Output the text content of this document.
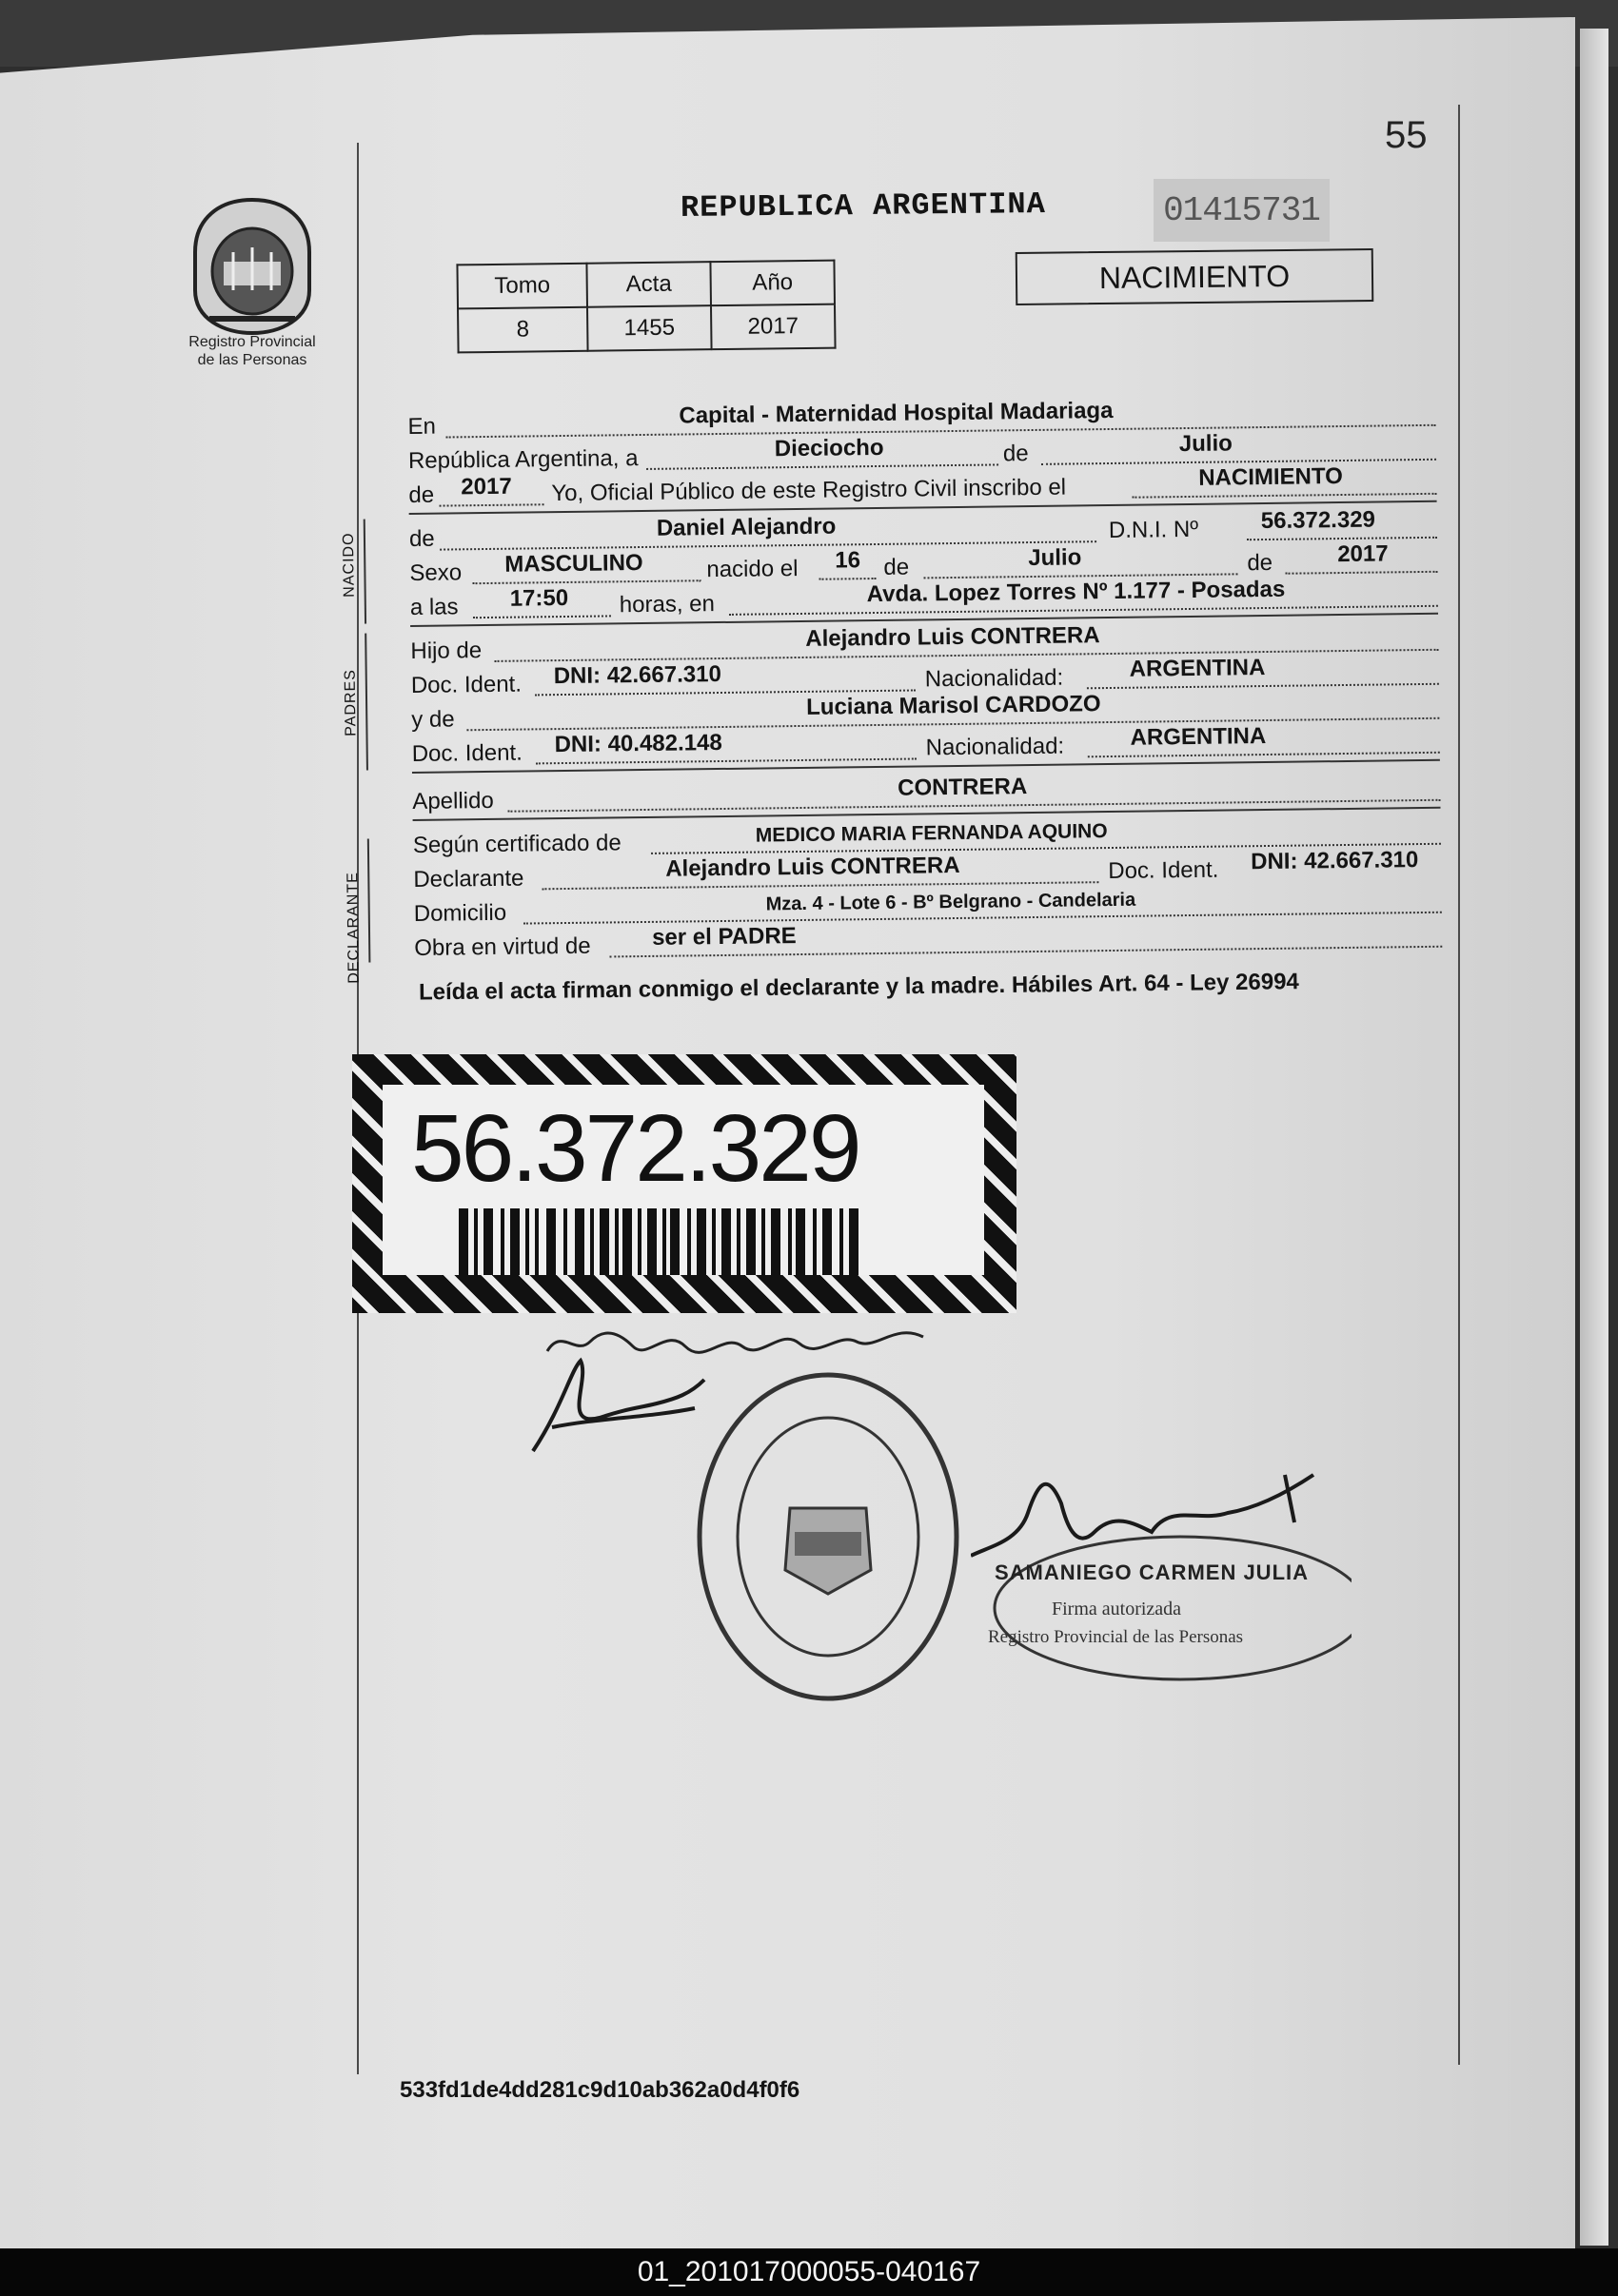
55
Registro Provincial
de las Personas
REPUBLICA ARGENTINA	01415731
Tomo	Acta	Año
8	1455	2017
NACIMIENTO
En	Capital - Maternidad Hospital Madariaga
República Argentina, a	Dieciocho	de	Julio
de 2017 Yo, Oficial Público de este Registro Civil inscribo el	NACIMIENTO
NACIDO de	Daniel Alejandro	D.N.I. Nº	56.372.329
Sexo MASCULINO	nacido el 16 de	Julio	de	2017
a las 17:50 horas, en	Avda. Lopez Torres Nº 1.177 - Posadas
PADRES
Hijo de	Alejandro Luis CONTRERA
Doc. Ident. DNI: 42.667.310	Nacionalidad:	ARGENTINA
y de	Luciana Marisol CARDOZO
Doc. Ident. DNI: 40.482.148	Nacionalidad:	ARGENTINA
Apellido
CONTRERA
DECLARANTE
Según certificado de	MEDICO MARIA FERNANDA AQUINO
Declarante	Alejandro Luis CONTRERA	Doc. Ident. DNI: 42.667.310
Domicilio	Mza. 4 - Lote 6 - Bº Belgrano - Candelaria
Obra en virtud de	ser el PADRE
Leída el acta firman conmigo el declarante y la madre. Hábiles Art. 64 - Ley 26994
56.372.329
SAMANIEGO CARMEN JULIA
Firma autorizada
Registro Provincial de las Personas
533fd1de4dd281c9d10ab362a0d4f0f6
01_201017000055-040167
